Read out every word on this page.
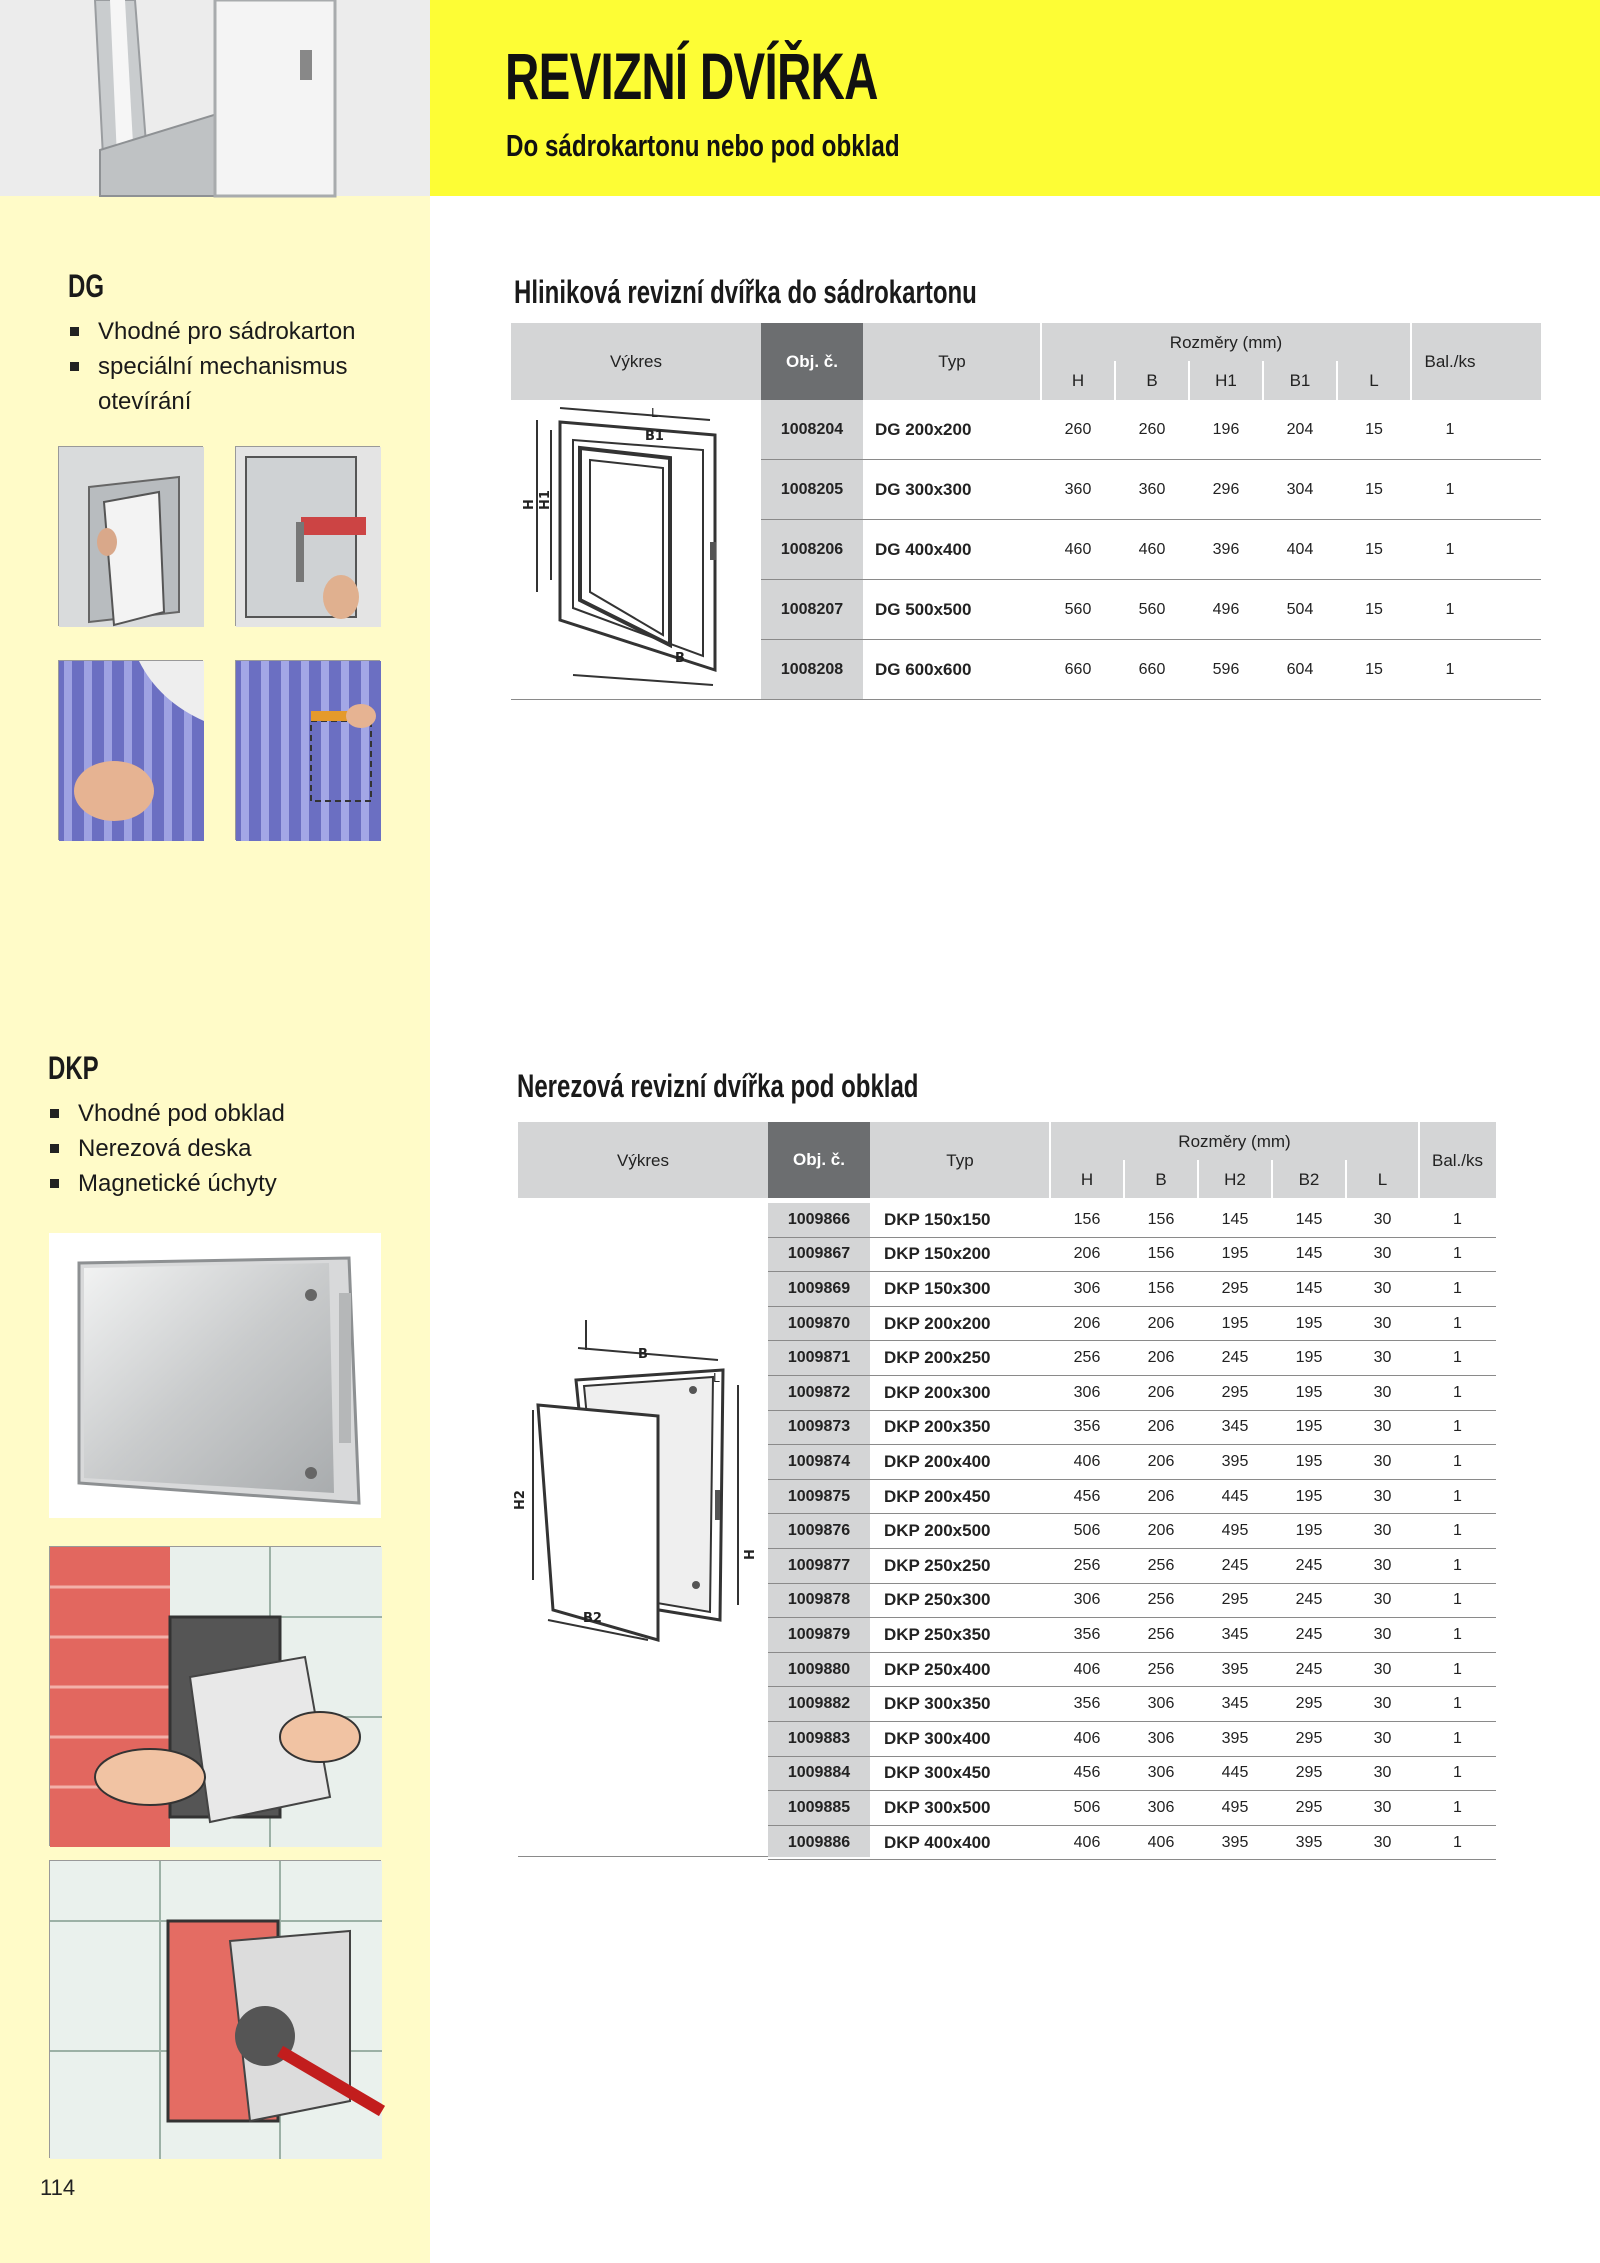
REVIZNÍ DVÍŘKA
Do sádrokartonu nebo pod obklad
DG
Vhodné pro sádrokarton
speciální mechanismus
otevírání
Hliniková revizní dvířka do sádrokartonu
Výkres	Obj. č.	Typ
Rozměry (mm)
H	B	H1	B1	L
Bal./ks
1008204	DG 200x200	260	260	196	204	15	1
1008205	DG 300x300	360	360	296	304	15	1
1008206	DG 400x400	460	460	396	404	15	1
1008207	DG 500x500	560	560	496	504	15	1
1008208	DG 600x600	660	660	596	604	15	1
L
B1
H H1
B
DKP
Vhodné pod obklad
Nerezová deska
Magnetické úchyty
Nerezová revizní dvířka pod obklad
Výkres	Obj. č.	Typ
Rozměry (mm)
H	B	H2	B2	L
Bal./ks
1009866	DKP 150x150	156	156	145	145	30	1
1009867	DKP 150x200	206	156	195	145	30	1
1009869	DKP 150x300	306	156	295	145	30	1
1009870	DKP 200x200	206	206	195	195	30	1
1009871	DKP 200x250	256	206	245	195	30	1
1009872	DKP 200x300	306	206	295	195	30	1
1009873	DKP 200x350	356	206	345	195	30	1
1009874	DKP 200x400	406	206	395	195	30	1
1009875	DKP 200x450	456	206	445	195	30	1
1009876	DKP 200x500	506	206	495	195	30	1
1009877	DKP 250x250	256	256	245	245	30	1
1009878	DKP 250x300	306	256	295	245	30	1
1009879	DKP 250x350	356	256	345	245	30	1
1009880	DKP 250x400	406	256	395	245	30	1
1009882	DKP 300x350	356	306	345	295	30	1
1009883	DKP 300x400	406	306	395	295	30	1
1009884	DKP 300x450	456	306	445	295	30	1
1009885	DKP 300x500	506	306	495	295	30	1
1009886	DKP 400x400	406	406	395	395	30	1
B
L
H2
H
B2
114
